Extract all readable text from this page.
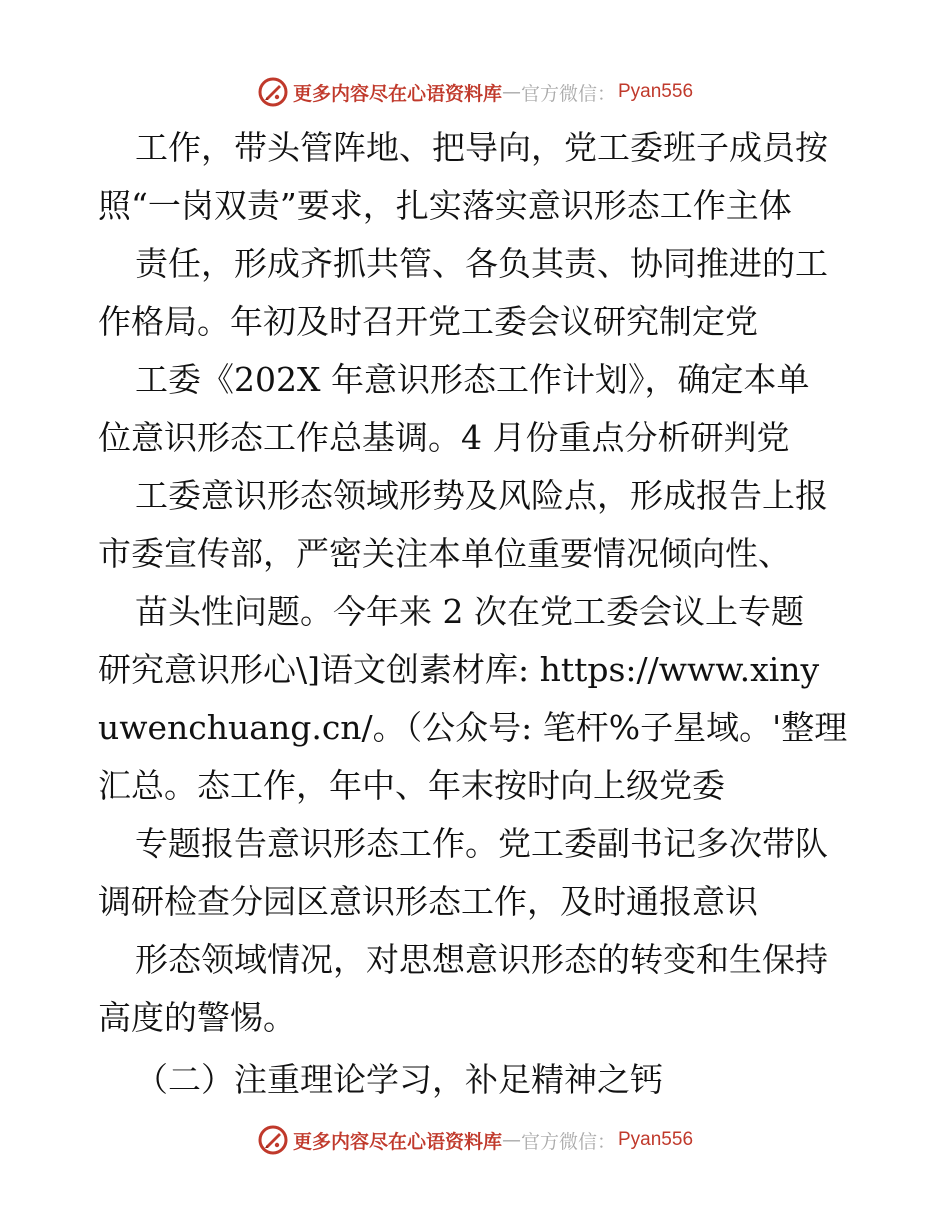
更多内容尽在心语资料库 — 官方微信： Pyan556
工作，带头管阵地、把导向，党工委班子成员按
照“一岗双责”要求，扎实落实意识形态工作主体
责任，形成齐抓共管、各负其责、协同推进的工
作格局。年初及时召开党工委会议研究制定党
工委《202X 年意识形态工作计划》，确定本单
位意识形态工作总基调。4 月份重点分析研判党
工委意识形态领域形势及风险点，形成报告上报
市委宣传部，严密关注本单位重要情况倾向性、
苗头性问题。今年来 2 次在党工委会议上专题
研究意识形心\]语文创素材库: https://www.xiny
uwenchuang.cn/。（公众号: 笔杆%子星域。'整理
汇总。态工作，年中、年末按时向上级党委
专题报告意识形态工作。党工委副书记多次带队
调研检查分园区意识形态工作，及时通报意识
形态领域情况，对思想意识形态的转变和生保持
高度的警惕。
（二）注重理论学习，补足精神之钙
更多内容尽在心语资料库 — 官方微信： Pyan556
